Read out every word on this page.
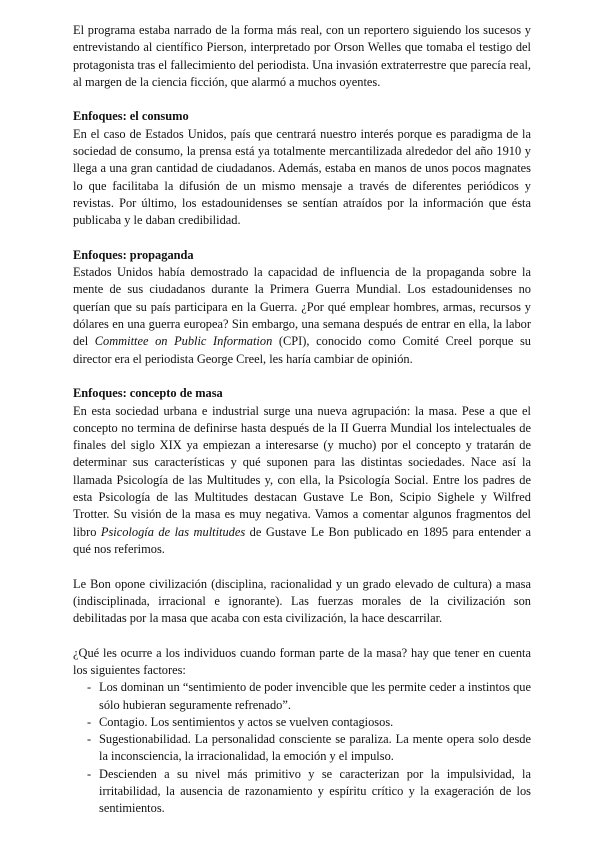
El programa estaba narrado de la forma más real, con un reportero siguiendo los sucesos y entrevistando al científico Pierson, interpretado por Orson Welles que tomaba el testigo del protagonista tras el fallecimiento del periodista. Una invasión extraterrestre que parecía real, al margen de la ciencia ficción, que alarmó a muchos oyentes.

Enfoques: el consumo

En el caso de Estados Unidos, país que centrará nuestro interés porque es paradigma de la sociedad de consumo, la prensa está ya totalmente mercantilizada alrededor del año 1910 y llega a una gran cantidad de ciudadanos. Además, estaba en manos de unos pocos magnates lo que facilitaba la difusión de un mismo mensaje a través de diferentes periódicos y revistas. Por último, los estadounidenses se sentían atraídos por la información que ésta publicaba y le daban credibilidad.

Enfoques: propaganda

Estados Unidos había demostrado la capacidad de influencia de la propaganda sobre la mente de sus ciudadanos durante la Primera Guerra Mundial. Los estadounidenses no querían que su país participara en la Guerra. ¿Por qué emplear hombres, armas, recursos y dólares en una guerra europea? Sin embargo, una semana después de entrar en ella, la labor del Committee on Public Information (CPI), conocido como Comité Creel porque su director era el periodista George Creel, les haría cambiar de opinión.

Enfoques: concepto de masa

En esta sociedad urbana e industrial surge una nueva agrupación: la masa. Pese a que el concepto no termina de definirse hasta después de la II Guerra Mundial los intelectuales de finales del siglo XIX ya empiezan a interesarse (y mucho) por el concepto y tratarán de determinar sus características y qué suponen para las distintas sociedades. Nace así la llamada Psicología de las Multitudes y, con ella, la Psicología Social. Entre los padres de esta Psicología de las Multitudes destacan Gustave Le Bon, Scipio Sighele y Wilfred Trotter. Su visión de la masa es muy negativa. Vamos a comentar algunos fragmentos del libro Psicología de las multitudes de Gustave Le Bon publicado en 1895 para entender a qué nos referimos.

Le Bon opone civilización (disciplina, racionalidad y un grado elevado de cultura) a masa (indisciplinada, irracional e ignorante). Las fuerzas morales de la civilización son debilitadas por la masa que acaba con esta civilización, la hace descarrilar.

¿Qué les ocurre a los individuos cuando forman parte de la masa? hay que tener en cuenta los siguientes factores:

- Los dominan un “sentimiento de poder invencible que les permite ceder a instintos que sólo hubieran seguramente refrenado”.
- Contagio. Los sentimientos y actos se vuelven contagiosos.
- Sugestionabilidad. La personalidad consciente se paraliza. La mente opera solo desde la inconsciencia, la irracionalidad, la emoción y el impulso.
- Descienden a su nivel más primitivo y se caracterizan por la impulsividad, la irritabilidad, la ausencia de razonamiento y espíritu crítico y la exageración de los sentimientos.
